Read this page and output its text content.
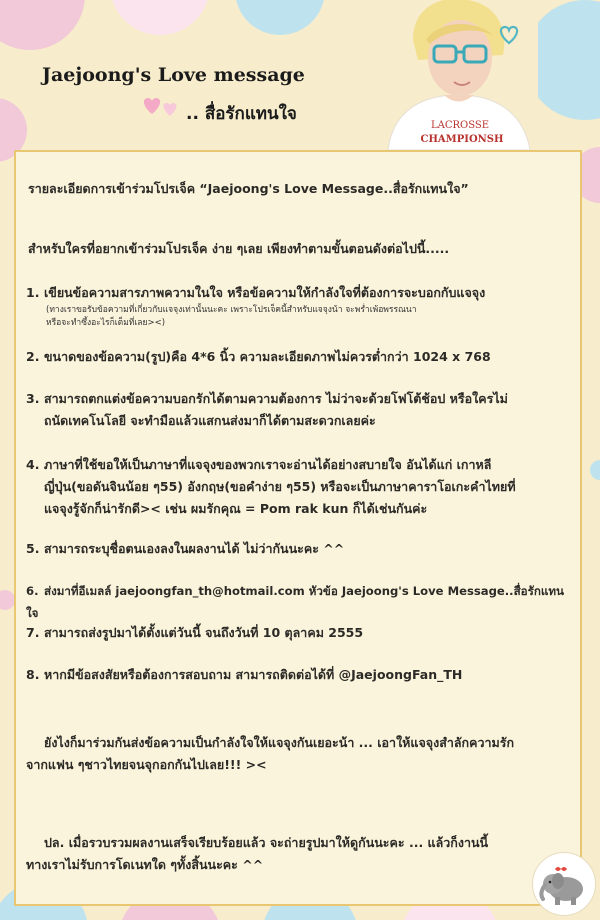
Jaejoong's Love message
.. สื่อรักแทนใจ
LACROSSE
CHAMPIONSH
รายละเอียดการเข้าร่วมโปรเจ็ค “Jaejoong's Love Message..สื่อรักแทนใจ”
สำหรับใครที่อยากเข้าร่วมโปรเจ็ค ง่าย ๆเลย เพียงทำตามขั้นตอนดังต่อไปนี้.....
1. เขียนข้อความสารภาพความในใจ หรือข้อความให้กำลังใจที่ต้องการจะบอกกับแจจุง
(ทางเราขอรับข้อความที่เกี่ยวกับแจจุงเท่านั้นนะคะ เพราะโปรเจ็คนี้สำหรับแจจุงน้า จะพร่ำเพ้อพรรณนา
หรือจะทำซึ้งอะไรก็เต็มที่เลย><)
2. ขนาดของข้อความ(รูป)คือ 4*6 นิ้ว ความละเอียดภาพไม่ควรต่ำกว่า 1024 x 768
3. สามารถตกแต่งข้อความบอกรักได้ตามความต้องการ ไม่ว่าจะด้วยโฟโต้ช้อป หรือใครไม่
ถนัดเทคโนโลยี จะทำมือแล้วแสกนส่งมาก็ได้ตามสะดวกเลยค่ะ
4. ภาษาที่ใช้ขอให้เป็นภาษาที่แจจุงของพวกเราจะอ่านได้อย่างสบายใจ อันได้แก่ เกาหลี
ญี่ปุ่น(ขอดันจินน้อย ๆ55) อังกฤษ(ขอคำง่าย ๆ55) หรือจะเป็นภาษาคาราโอเกะคำไทยที่
แจจุงรู้จักก็น่ารักดี>< เช่น ผมรักคุณ = Pom rak kun ก็ได้เช่นกันค่ะ
5. สามารถระบุชื่อตนเองลงในผลงานได้ ไม่ว่ากันนะคะ ^^
6. ส่งมาที่อีเมลล์ jaejoongfan_th@hotmail.com หัวข้อ Jaejoong's Love Message..สื่อรักแทนใจ
7. สามารถส่งรูปมาได้ตั้งแต่วันนี้ จนถึงวันที่ 10 ตุลาคม 2555
8. หากมีข้อสงสัยหรือต้องการสอบถาม สามารถติดต่อได้ที่ @JaejoongFan_TH
ยังไงก็มาร่วมกันส่งข้อความเป็นกำลังใจให้แจจุงกันเยอะน้า ... เอาให้แจจุงสำลักความรัก
จากแฟน ๆชาวไทยจนจุกอกกันไปเลย!!! ><
ปล. เมื่อรวบรวมผลงานเสร็จเรียบร้อยแล้ว จะถ่ายรูปมาให้ดูกันนะคะ ... แล้วก็งานนี้
ทางเราไม่รับการโดเนทใด ๆทั้งสิ้นนะคะ ^^
